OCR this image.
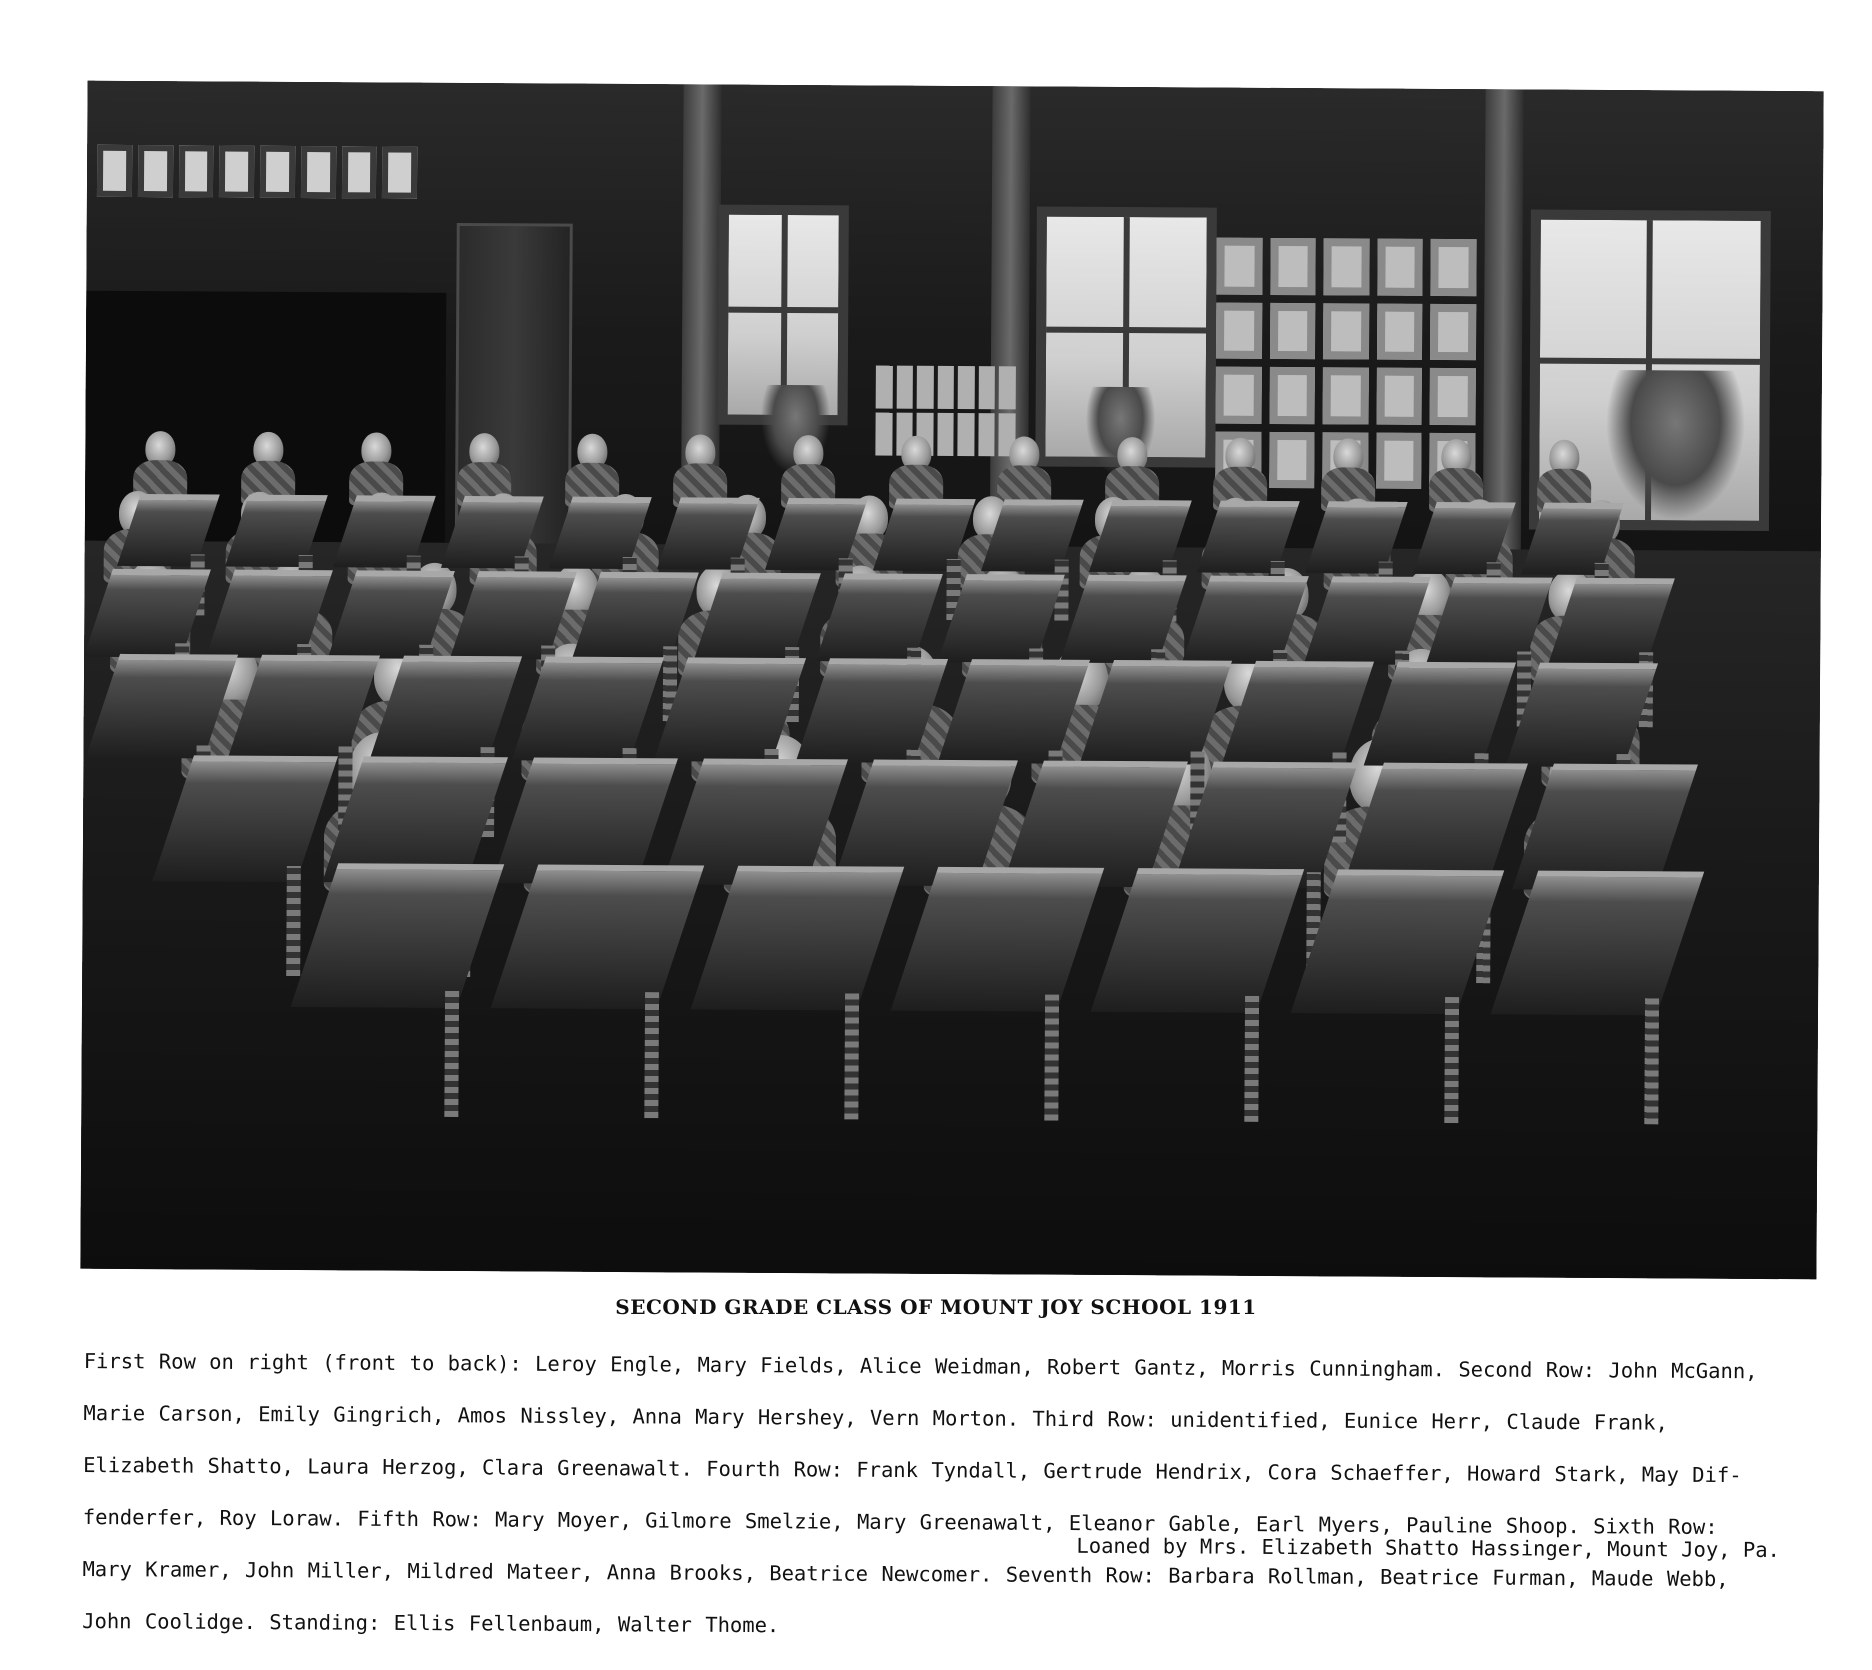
SECOND GRADE CLASS OF MOUNT JOY SCHOOL 1911

First Row on right (front to back): Leroy Engle, Mary Fields, Alice Weidman, Robert Gantz, Morris Cunningham. Second Row: John McGann,

Marie Carson, Emily Gingrich, Amos Nissley, Anna Mary Hershey, Vern Morton. Third Row: unidentified, Eunice Herr, Claude Frank,

Elizabeth Shatto, Laura Herzog, Clara Greenawalt. Fourth Row: Frank Tyndall, Gertrude Hendrix, Cora Schaeffer, Howard Stark, May Dif-

fenderfer, Roy Loraw. Fifth Row: Mary Moyer, Gilmore Smelzie, Mary Greenawalt, Eleanor Gable, Earl Myers, Pauline Shoop. Sixth Row:

Mary Kramer, John Miller, Mildred Mateer, Anna Brooks, Beatrice Newcomer. Seventh Row: Barbara Rollman, Beatrice Furman, Maude Webb,

John Coolidge. Standing: Ellis Fellenbaum, Walter Thome.

Loaned by Mrs. Elizabeth Shatto Hassinger, Mount Joy, Pa.
